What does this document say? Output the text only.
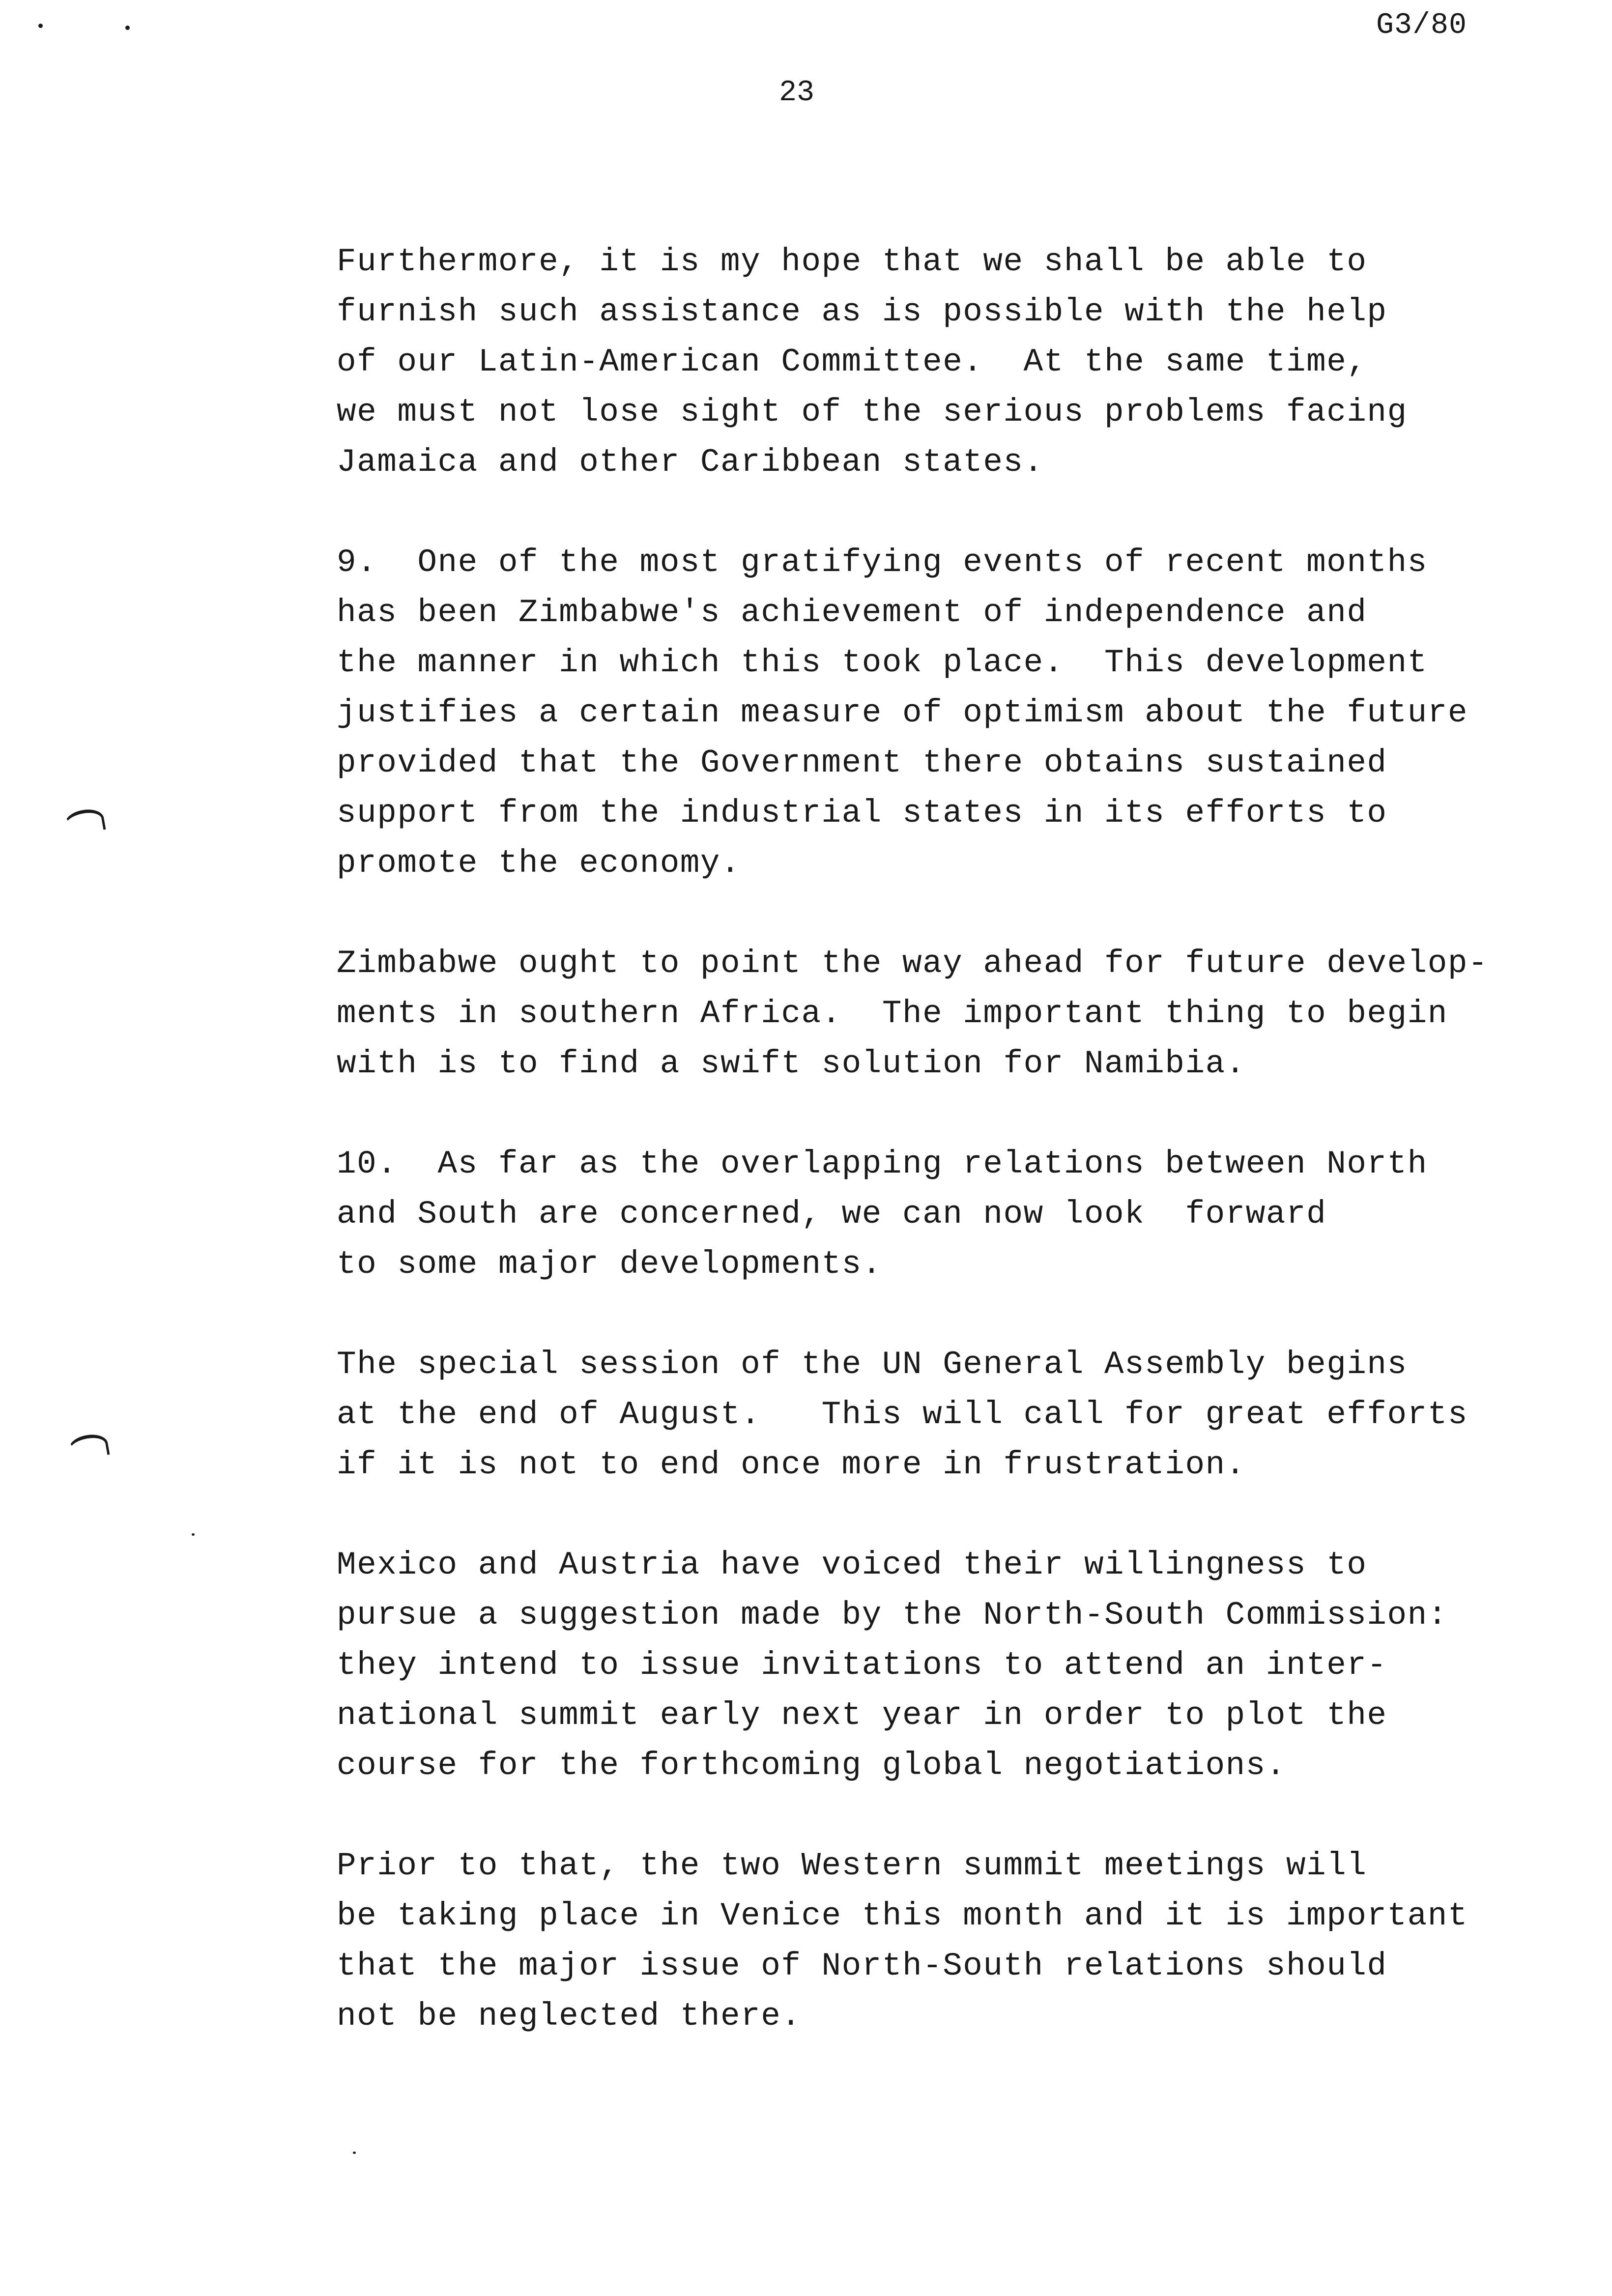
G3/80
23
Furthermore, it is my hope that we shall be able to
furnish such assistance as is possible with the help
of our Latin-American Committee.  At the same time,
we must not lose sight of the serious problems facing
Jamaica and other Caribbean states.
9.  One of the most gratifying events of recent months
has been Zimbabwe's achievement of independence and
the manner in which this took place.  This development
justifies a certain measure of optimism about the future
provided that the Government there obtains sustained
support from the industrial states in its efforts to
promote the economy.
Zimbabwe ought to point the way ahead for future develop-
ments in southern Africa.  The important thing to begin
with is to find a swift solution for Namibia.
10.  As far as the overlapping relations between North
and South are concerned, we can now look  forward
to some major developments.
The special session of the UN General Assembly begins
at the end of August.   This will call for great efforts
if it is not to end once more in frustration.
Mexico and Austria have voiced their willingness to
pursue a suggestion made by the North-South Commission:
they intend to issue invitations to attend an inter-
national summit early next year in order to plot the
course for the forthcoming global negotiations.
Prior to that, the two Western summit meetings will
be taking place in Venice this month and it is important
that the major issue of North-South relations should
not be neglected there.
